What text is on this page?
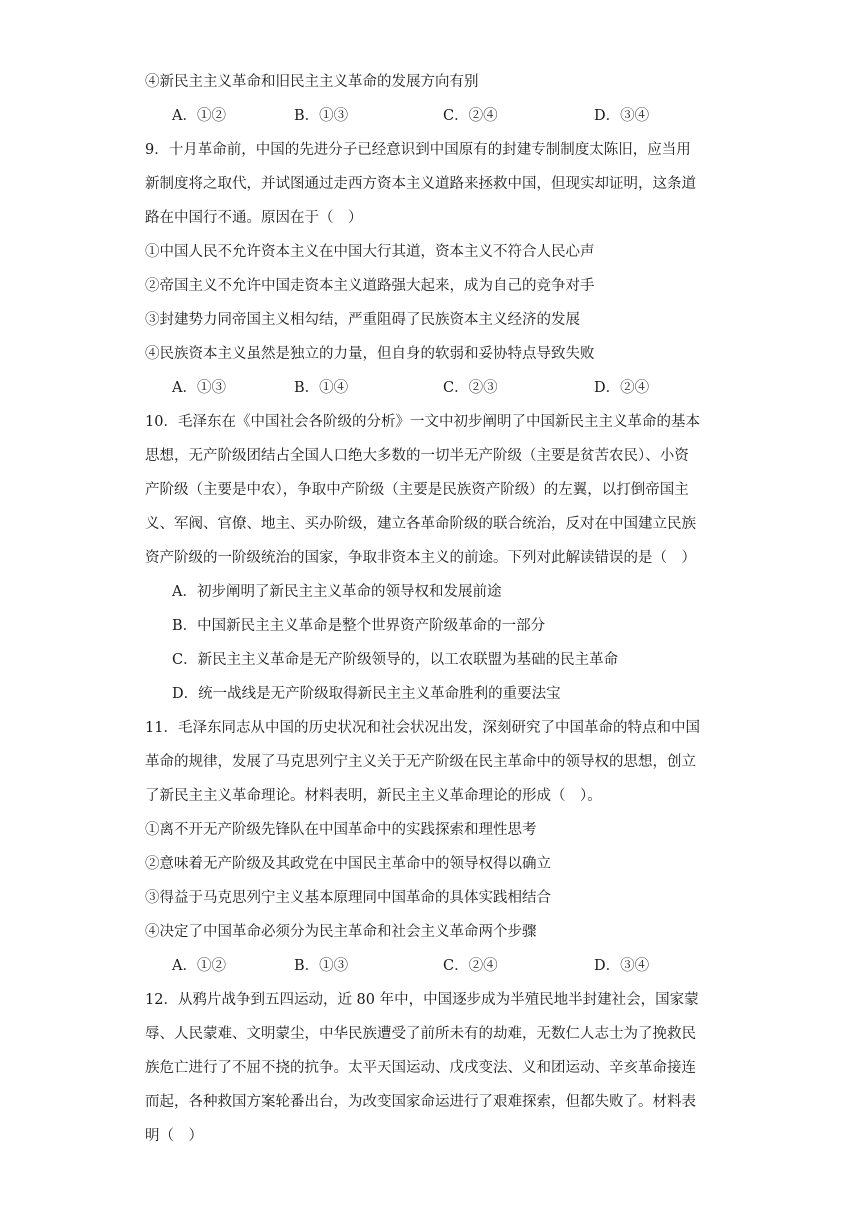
④新民主主义革命和旧民主主义革命的发展方向有别
A．①②	B．①③	C．②④	D．③④
9．十月革命前，中国的先进分子已经意识到中国原有的封建专制制度太陈旧，应当用
新制度将之取代，并试图通过走西方资本主义道路来拯救中国，但现实却证明，这条道
路在中国行不通。原因在于（　）
①中国人民不允许资本主义在中国大行其道，资本主义不符合人民心声
②帝国主义不允许中国走资本主义道路强大起来，成为自己的竞争对手
③封建势力同帝国主义相勾结，严重阻碍了民族资本主义经济的发展
④民族资本主义虽然是独立的力量，但自身的软弱和妥协特点导致失败
A．①③	B．①④	C．②③	D．②④
10．毛泽东在《中国社会各阶级的分析》一文中初步阐明了中国新民主主义革命的基本
思想，无产阶级团结占全国人口绝大多数的一切半无产阶级（主要是贫苦农民）、小资
产阶级（主要是中农），争取中产阶级（主要是民族资产阶级）的左翼，以打倒帝国主
义、军阀、官僚、地主、买办阶级，建立各革命阶级的联合统治，反对在中国建立民族
资产阶级的一阶级统治的国家，争取非资本主义的前途。下列对此解读错误的是（　）
A．初步阐明了新民主主义革命的领导权和发展前途
B．中国新民主主义革命是整个世界资产阶级革命的一部分
C．新民主主义革命是无产阶级领导的，以工农联盟为基础的民主革命
D．统一战线是无产阶级取得新民主主义革命胜利的重要法宝
11．毛泽东同志从中国的历史状况和社会状况出发，深刻研究了中国革命的特点和中国
革命的规律，发展了马克思列宁主义关于无产阶级在民主革命中的领导权的思想，创立
了新民主主义革命理论。材料表明，新民主主义革命理论的形成（　）。
①离不开无产阶级先锋队在中国革命中的实践探索和理性思考
②意味着无产阶级及其政党在中国民主革命中的领导权得以确立
③得益于马克思列宁主义基本原理同中国革命的具体实践相结合
④决定了中国革命必须分为民主革命和社会主义革命两个步骤
A．①②	B．①③	C．②④	D．③④
12．从鸦片战争到五四运动，近 80 年中，中国逐步成为半殖民地半封建社会，国家蒙
辱、人民蒙难、文明蒙尘，中华民族遭受了前所未有的劫难，无数仁人志士为了挽救民
族危亡进行了不屈不挠的抗争。太平天国运动、戊戌变法、义和团运动、辛亥革命接连
而起，各种救国方案轮番出台，为改变国家命运进行了艰难探索，但都失败了。材料表
明（　）
